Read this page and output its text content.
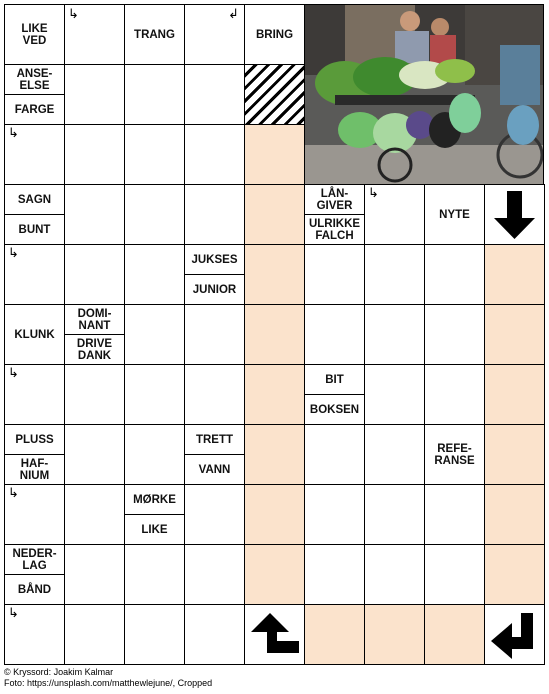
LIKE
VED	TRANG	BRING
ANSE-
ELSE
FARGE
SAGN
BUNT
LÅN-
GIVER
ULRIKKE
FALCH
NYTE
JUKSES
JUNIOR
KLUNK
DOMI-
NANT
DRIVE
DANK
BIT
BOKSEN
PLUSS
HAF-
NIUM
TRETT
VANN
REFE-
RANSE
MØRKE
LIKE
NEDER-
LAG
BÅND
↳	↲
↳
↳
↳
↳
↳
↳
© Kryssord: Joakim Kalmar
Foto: https://unsplash.com/matthewlejune/, Cropped
